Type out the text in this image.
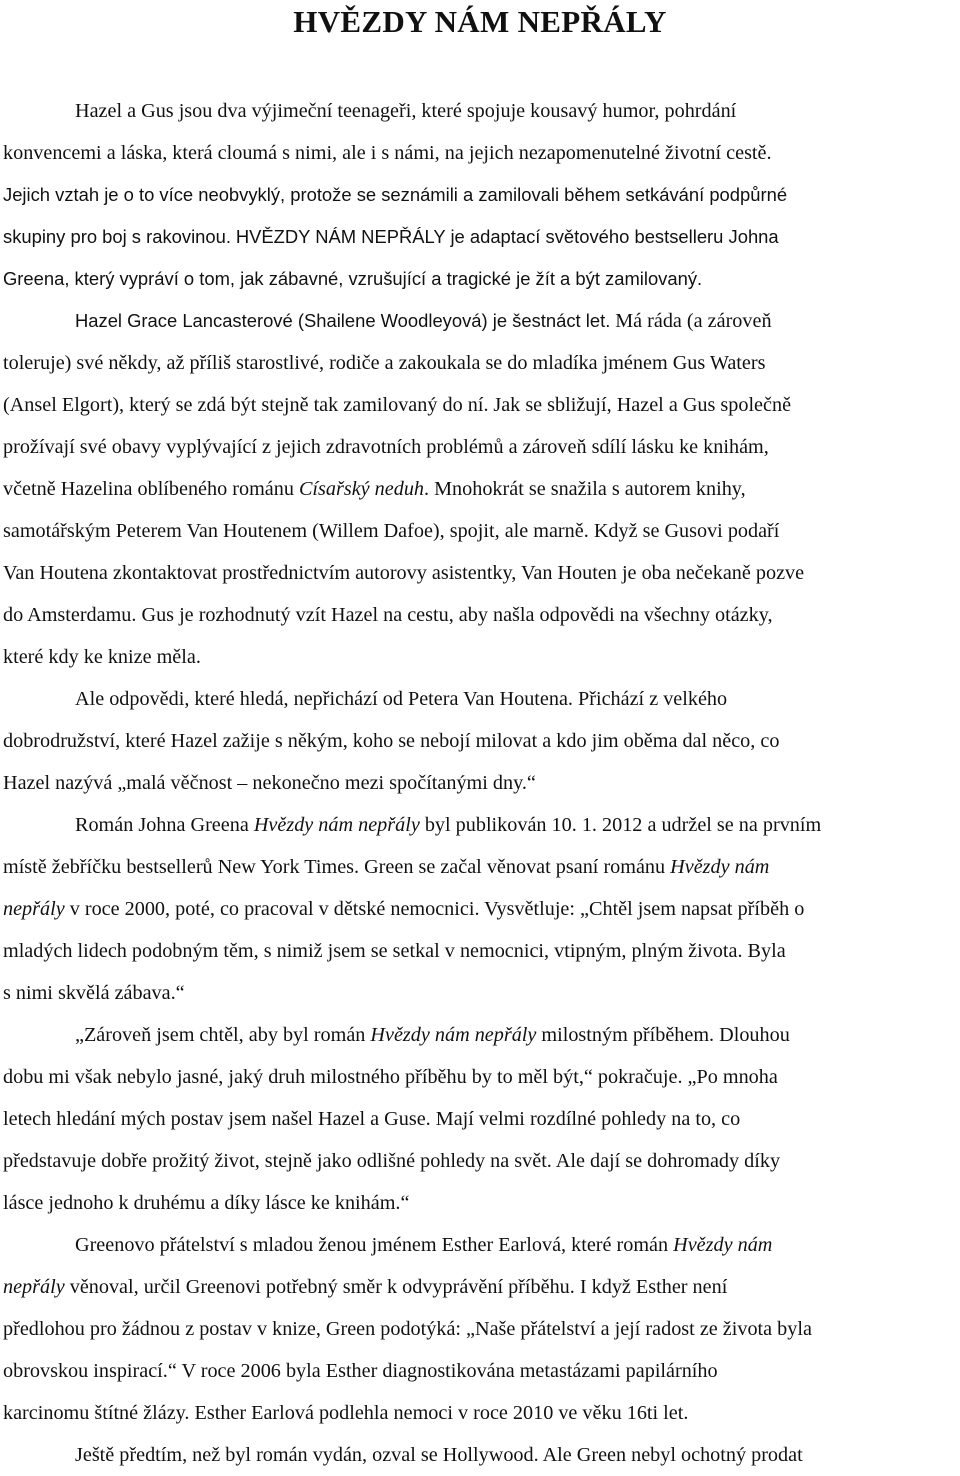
HVĚZDY NÁM NEPŘÁLY
Hazel a Gus jsou dva výjimeční teenageři, které spojuje kousavý humor, pohrdání
konvencemi a láska, která cloumá s nimi, ale i s námi, na jejich nezapomenutelné životní cestě.
Jejich vztah je o to více neobvyklý, protože se seznámili a zamilovali během setkávání podpůrné
skupiny pro boj s rakovinou. HVĚZDY NÁM NEPŘÁLY je adaptací světového bestselleru Johna
Greena, který vypráví o tom, jak zábavné, vzrušující a tragické je žít a být zamilovaný.
Hazel Grace Lancasterové (Shailene Woodleyová) je šestnáct let. Má ráda (a zároveň
toleruje) své někdy, až příliš starostlivé, rodiče a zakoukala se do mladíka jménem Gus Waters
(Ansel Elgort), který se zdá být stejně tak zamilovaný do ní. Jak se sbližují, Hazel a Gus společně
prožívají své obavy vyplývající z jejich zdravotních problémů a zároveň sdílí lásku ke knihám,
včetně Hazelina oblíbeného románu Císařský neduh. Mnohokrát se snažila s autorem knihy,
samotářským Peterem Van Houtenem (Willem Dafoe), spojit, ale marně. Když se Gusovi podaří
Van Houtena zkontaktovat prostřednictvím autorovy asistentky, Van Houten je oba nečekaně pozve
do Amsterdamu. Gus je rozhodnutý vzít Hazel na cestu, aby našla odpovědi na všechny otázky,
které kdy ke knize měla.
Ale odpovědi, které hledá, nepřichází od Petera Van Houtena. Přichází z velkého
dobrodružství, které Hazel zažije s někým, koho se nebojí milovat a kdo jim oběma dal něco, co
Hazel nazývá „malá věčnost – nekonečno mezi spočítanými dny.“
Román Johna Greena Hvězdy nám nepřály byl publikován 10. 1. 2012 a udržel se na prvním
místě žebříčku bestsellerů New York Times. Green se začal věnovat psaní románu Hvězdy nám
nepřály v roce 2000, poté, co pracoval v dětské nemocnici. Vysvětluje: „Chtěl jsem napsat příběh o
mladých lidech podobným těm, s nimiž jsem se setkal v nemocnici, vtipným, plným života. Byla
s nimi skvělá zábava.“
„Zároveň jsem chtěl, aby byl román Hvězdy nám nepřály milostným příběhem. Dlouhou
dobu mi však nebylo jasné, jaký druh milostného příběhu by to měl být,“ pokračuje. „Po mnoha
letech hledání mých postav jsem našel Hazel a Guse. Mají velmi rozdílné pohledy na to, co
představuje dobře prožitý život, stejně jako odlišné pohledy na svět. Ale dají se dohromady díky
lásce jednoho k druhému a díky lásce ke knihám.“
Greenovo přátelství s mladou ženou jménem Esther Earlová, které román Hvězdy nám
nepřály věnoval, určil Greenovi potřebný směr k odvyprávění příběhu. I když Esther není
předlohou pro žádnou z postav v knize, Green podotýká: „Naše přátelství a její radost ze života byla
obrovskou inspirací.“ V roce 2006 byla Esther diagnostikována metastázami papilárního
karcinomu štítné žlázy. Esther Earlová podlehla nemoci v roce 2010 ve věku 16ti let.
Ještě předtím, než byl román vydán, ozval se Hollywood. Ale Green nebyl ochotný prodat
